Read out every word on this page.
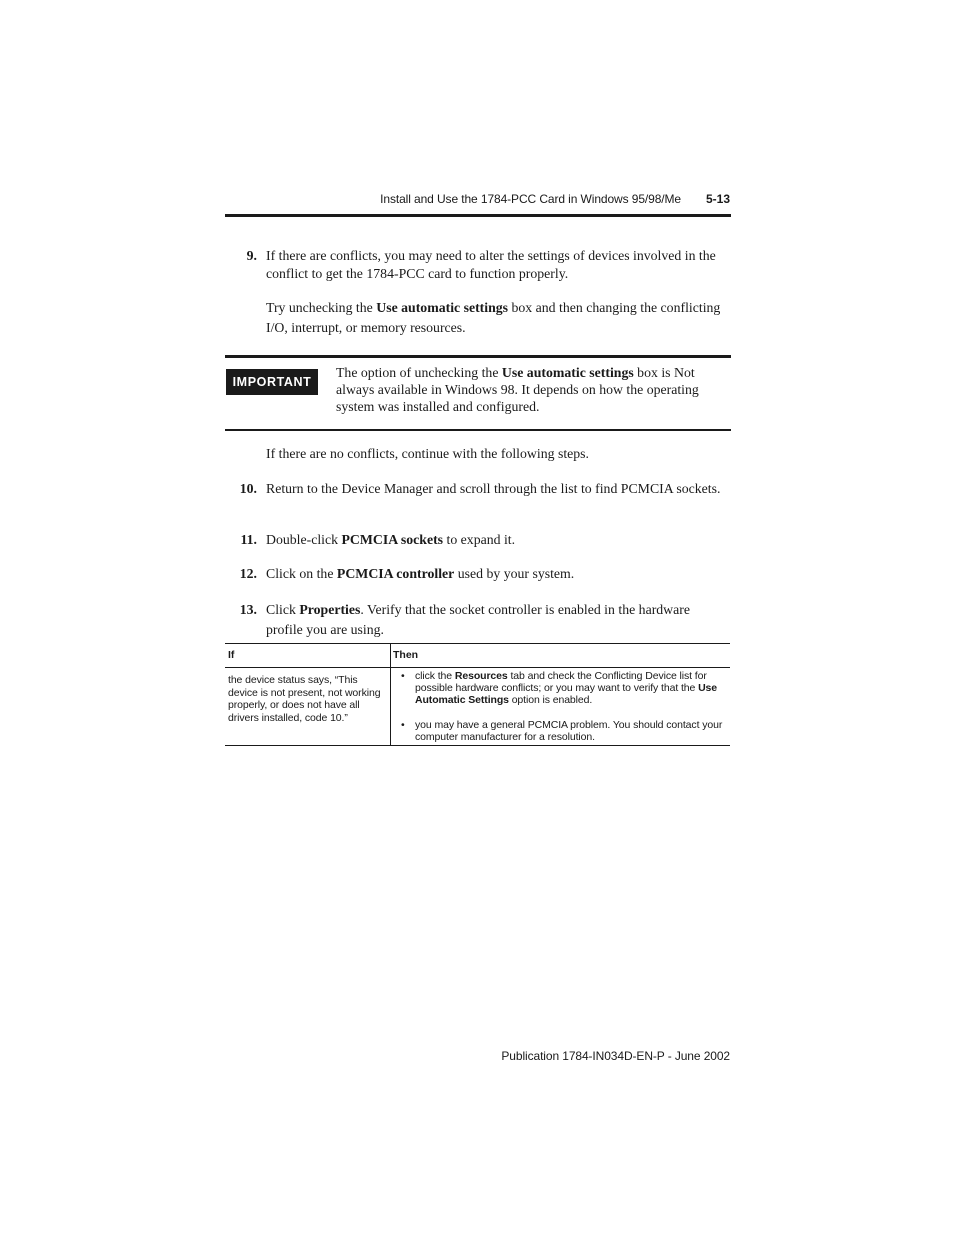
Install and Use the 1784-PCC Card in Windows 95/98/Me 5-13
9. If there are conflicts, you may need to alter the settings of devices involved in the conflict to get the 1784-PCC card to function properly.
Try unchecking the Use automatic settings box and then changing the conflicting I/O, interrupt, or memory resources.
IMPORTANT
The option of unchecking the Use automatic settings box is Not always available in Windows 98. It depends on how the operating system was installed and configured.
If there are no conflicts, continue with the following steps.
10. Return to the Device Manager and scroll through the list to find PCMCIA sockets.
11. Double-click PCMCIA sockets to expand it.
12. Click on the PCMCIA controller used by your system.
13. Click Properties. Verify that the socket controller is enabled in the hardware profile you are using.
If	Then
the device status says, “This device is not present, not working properly, or does not have all drivers installed, code 10.”
• click the Resources tab and check the Conflicting Device list for possible hardware conflicts; or you may want to verify that the Use Automatic Settings option is enabled.
• you may have a general PCMCIA problem. You should contact your computer manufacturer for a resolution.
Publication 1784-IN034D-EN-P - June 2002
